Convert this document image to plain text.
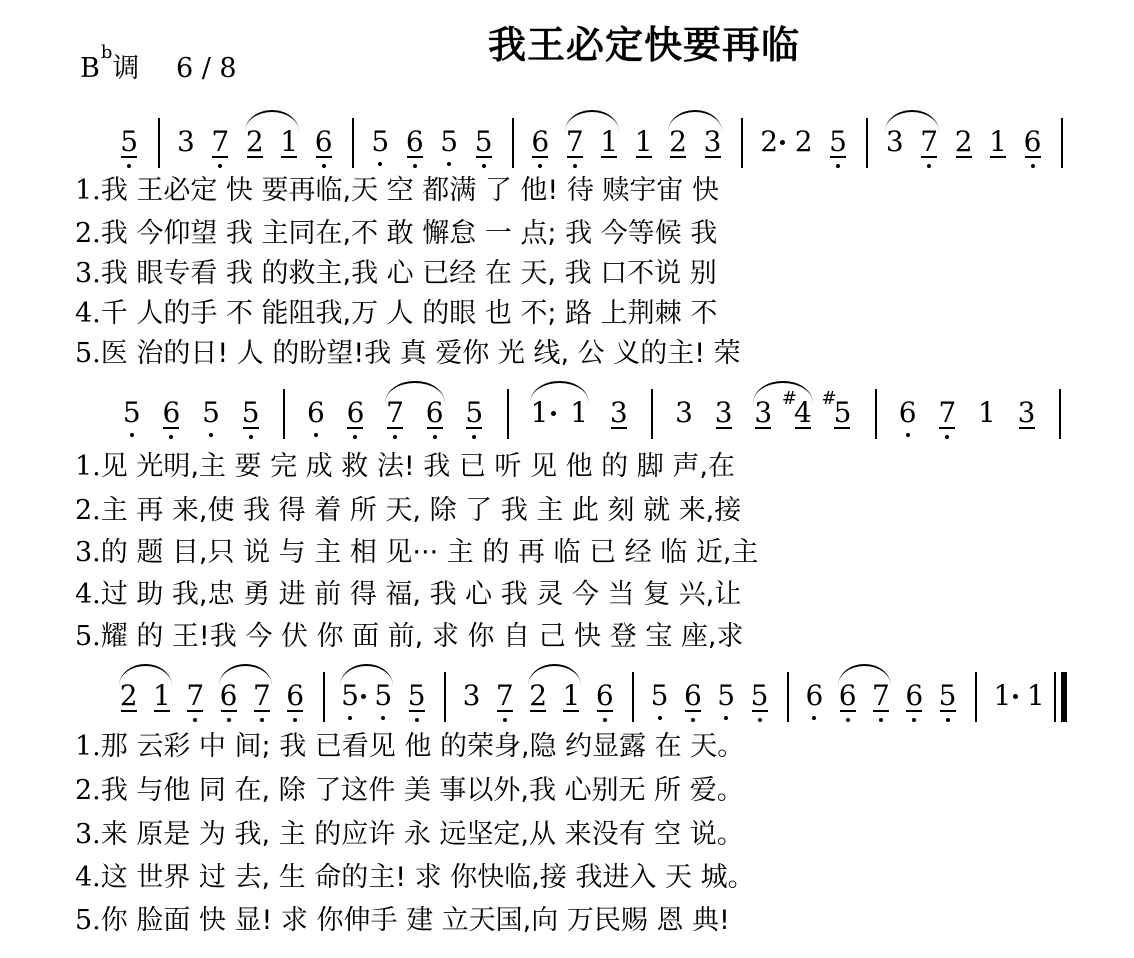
我王必定快要再临
$B^b$调 6 / 8
5 3 7 2 1 6 5 6 5 5 6 7 1 1 2 3 2 2 5 3 7 2 1 6
1.我 王必定 快 要再临,天 空 都满 了 他! 待 赎宇宙 快
2.我 今仰望 我 主同在,不 敢 懈怠 一 点; 我 今等候 我
3.我 眼专看 我 的救主,我 心 已经 在 天, 我 口不说 别
4.千 人的手 不 能阻我,万 人 的眼 也 不; 路 上荆棘 不
5.医 治的日! 人 的盼望!我 真 爱你 光 线, 公 义的主! 荣
5 6 5 5 6 6 7 6 5 1 1 3 3 3 3 4
# 5
# 6 7 1 3
1.见 光明,主 要 完 成 救 法! 我 已 听 见 他 的 脚 声,在
2.主 再 来,使 我 得 着 所 天, 除 了 我 主 此 刻 就 来,接
3.的 题 目,只 说 与 主 相 见··· 主 的 再 临 已 经 临 近,主
4.过 助 我,忠 勇 进 前 得 福, 我 心 我 灵 今 当 复 兴,让
5.耀 的 王!我 今 伏 你 面 前, 求 你 自 己 快 登 宝 座,求
2 1 7 6 7 6 5 5 5 3 7 2 1 6 5 6 5 5 6 6 7 6 5 1 1
1.那 云彩 中 间; 我 已看见 他 的荣身,隐 约显露 在 天。
2.我 与他 同 在, 除 了这件 美 事以外,我 心别无 所 爱。
3.来 原是 为 我, 主 的应许 永 远坚定,从 来没有 空 说。
4.这 世界 过 去, 生 命的主! 求 你快临,接 我进入 天 城。
5.你 脸面 快 显! 求 你伸手 建 立天国,向 万民赐 恩 典!
